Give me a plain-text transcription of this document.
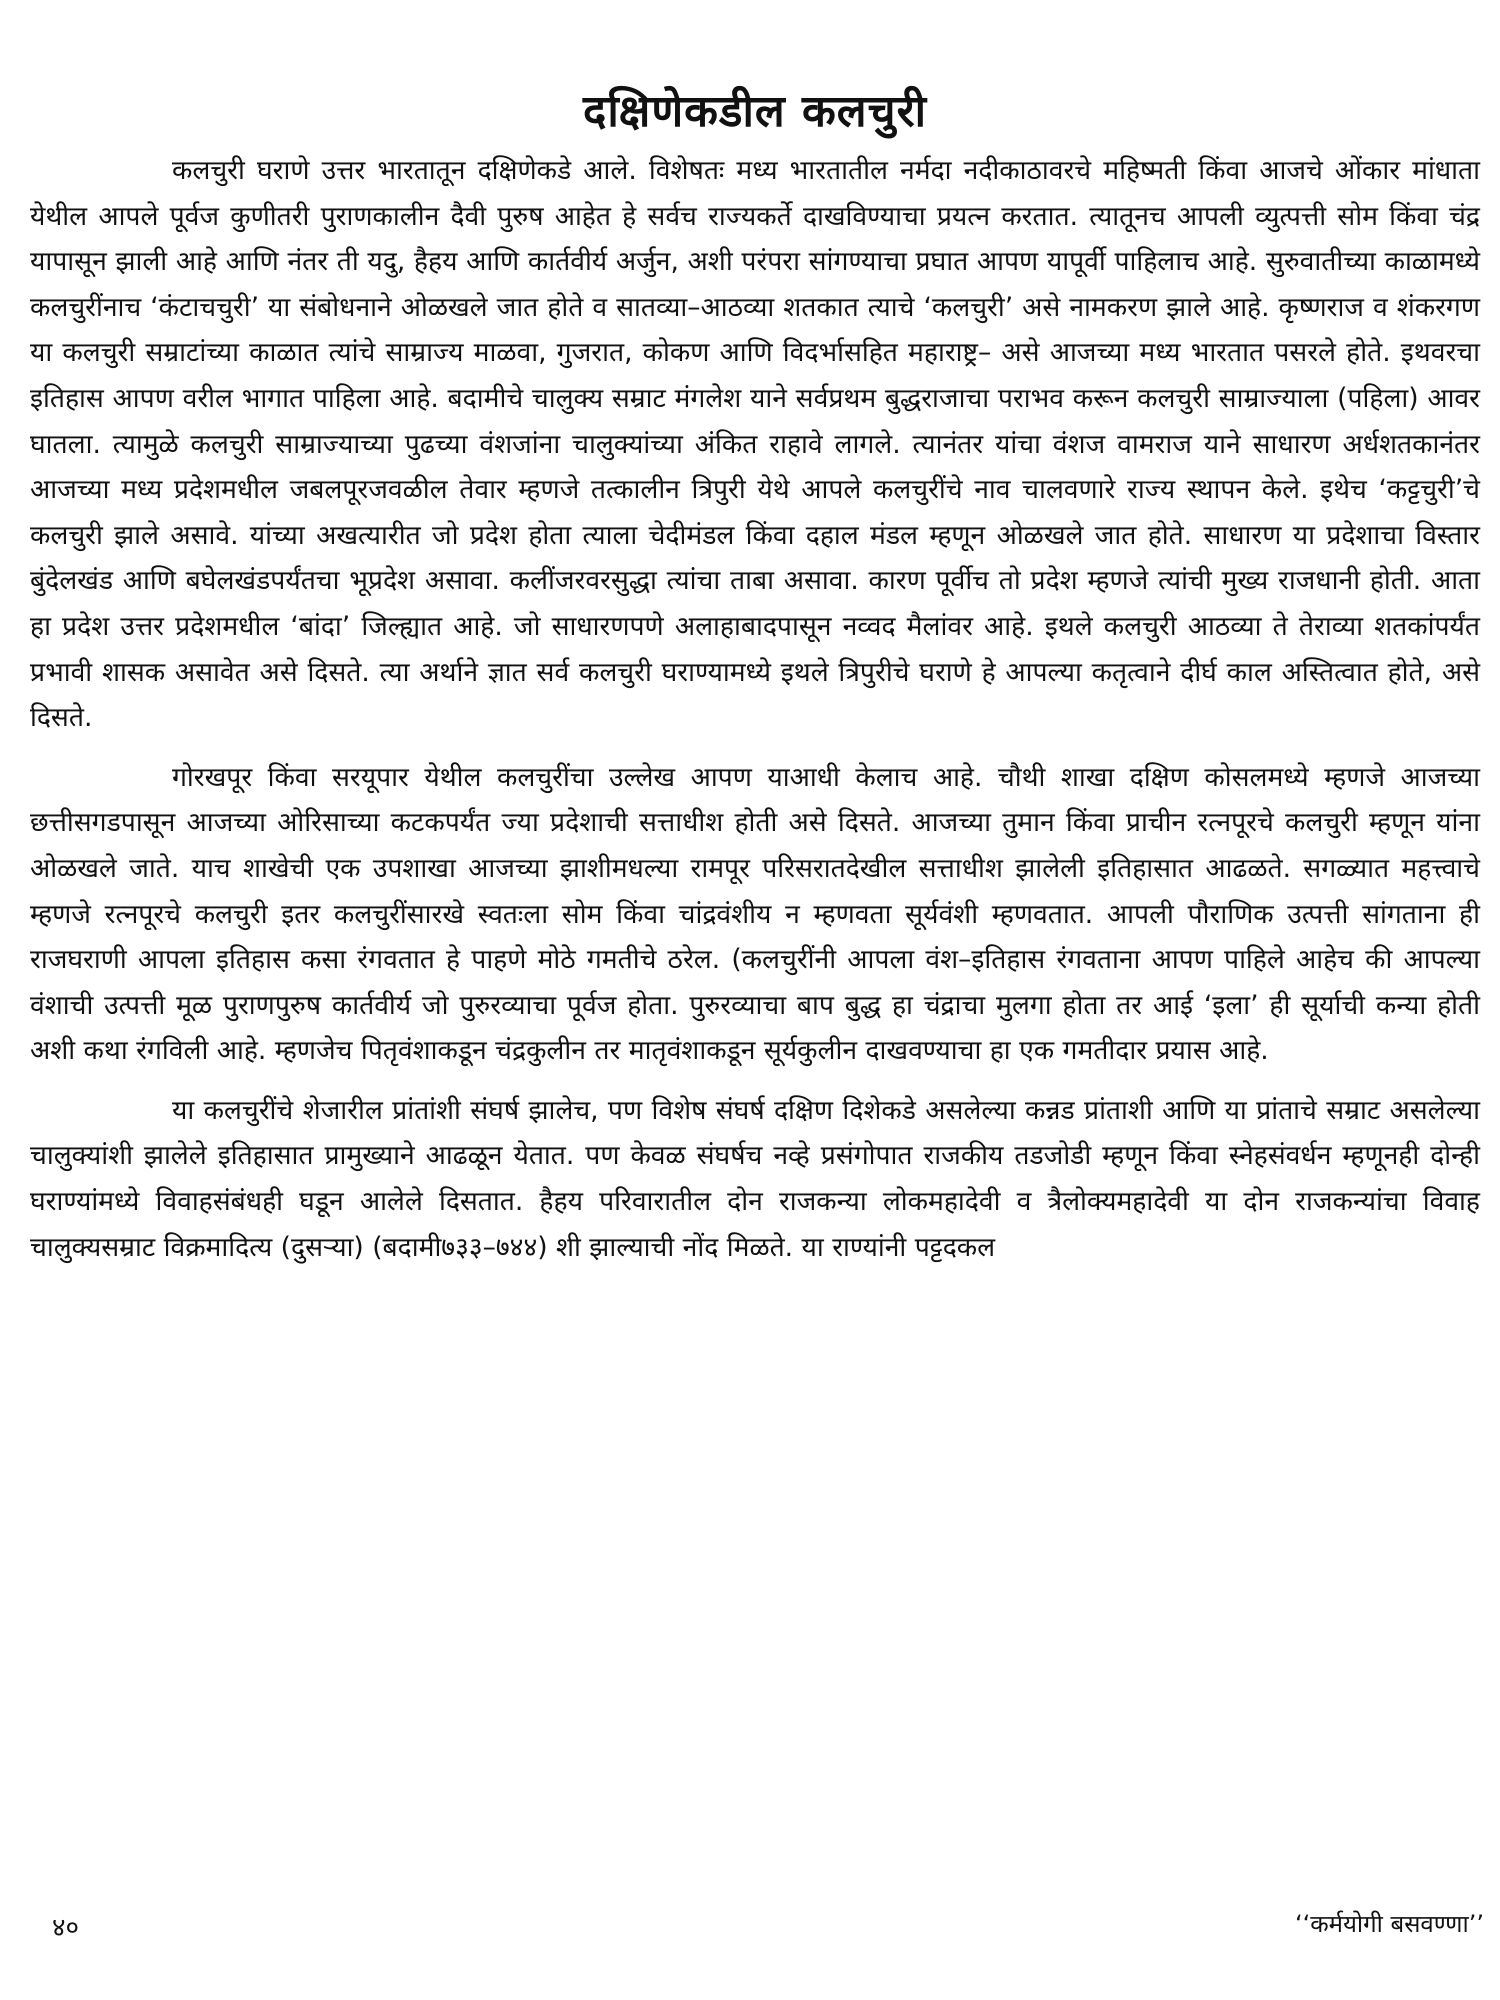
दक्षिणेकडील कलचुरी

कलचुरी घराणे उत्तर भारतातून दक्षिणेकडे आले. विशेषतः मध्य भारतातील नर्मदा नदीकाठावरचे महिष्मती किंवा आजचे ओंकार मांधाता येथील आपले पूर्वज कुणीतरी पुराणकालीन दैवी पुरुष आहेत हे सर्वच राज्यकर्ते दाखविण्याचा प्रयत्न करतात. त्यातूनच आपली व्युत्पत्ती सोम किंवा चंद्र यापासून झाली आहे आणि नंतर ती यदु, हैहय आणि कार्तवीर्य अर्जुन, अशी परंपरा सांगण्याचा प्रघात आपण यापूर्वी पाहिलाच आहे. सुरुवातीच्या काळामध्ये कलचुरींनाच ‘कंटाचचुरी’ या संबोधनाने ओळखले जात होते व सातव्या–आठव्या शतकात त्याचे ‘कलचुरी’ असे नामकरण झाले आहे. कृष्णराज व शंकरगण या कलचुरी सम्राटांच्या काळात त्यांचे साम्राज्य माळवा, गुजरात, कोकण आणि विदर्भासहित महाराष्ट्र– असे आजच्या मध्य भारतात पसरले होते. इथवरचा इतिहास आपण वरील भागात पाहिला आहे. बदामीचे चालुक्य सम्राट मंगलेश याने सर्वप्रथम बुद्धराजाचा पराभव करून कलचुरी साम्राज्याला (पहिला) आवर घातला. त्यामुळे कलचुरी साम्राज्याच्या पुढच्या वंशजांना चालुक्यांच्या अंकित राहावे लागले. त्यानंतर यांचा वंशज वामराज याने साधारण अर्धशतकानंतर आजच्या मध्य प्रदेशमधील जबलपूरजवळील तेवार म्हणजे तत्कालीन त्रिपुरी येथे आपले कलचुरींचे नाव चालवणारे राज्य स्थापन केले. इथेच ‘कट्टचुरी’चे कलचुरी झाले असावे. यांच्या अखत्यारीत जो प्रदेश होता त्याला चेदीमंडल किंवा दहाल मंडल म्हणून ओळखले जात होते. साधारण या प्रदेशाचा विस्तार बुंदेलखंड आणि बघेलखंडपर्यंतचा भूप्रदेश असावा. कलींजरवरसुद्धा त्यांचा ताबा असावा. कारण पूर्वीच तो प्रदेश म्हणजे त्यांची मुख्य राजधानी होती. आता हा प्रदेश उत्तर प्रदेशमधील ‘बांदा’ जिल्ह्यात आहे. जो साधारणपणे अलाहाबादपासून नव्वद मैलांवर आहे. इथले कलचुरी आठव्या ते तेराव्या शतकांपर्यंत प्रभावी शासक असावेत असे दिसते. त्या अर्थाने ज्ञात सर्व कलचुरी घराण्यामध्ये इथले त्रिपुरीचे घराणे हे आपल्या कतृत्वाने दीर्घ काल अस्तित्वात होते, असे दिसते.

गोरखपूर किंवा सरयूपार येथील कलचुरींचा उल्लेख आपण याआधी केलाच आहे. चौथी शाखा दक्षिण कोसलमध्ये म्हणजे आजच्या छत्तीसगडपासून आजच्या ओरिसाच्या कटकपर्यंत ज्या प्रदेशाची सत्ताधीश होती असे दिसते. आजच्या तुमान किंवा प्राचीन रत्नपूरचे कलचुरी म्हणून यांना ओळखले जाते. याच शाखेची एक उपशाखा आजच्या झाशीमधल्या रामपूर परिसरातदेखील सत्ताधीश झालेली इतिहासात आढळते. सगळ्यात महत्त्वाचे म्हणजे रत्नपूरचे कलचुरी इतर कलचुरींसारखे स्वतःला सोम किंवा चांद्रवंशीय न म्हणवता सूर्यवंशी म्हणवतात. आपली पौराणिक उत्पत्ती सांगताना ही राजघराणी आपला इतिहास कसा रंगवतात हे पाहणे मोठे गमतीचे ठरेल. (कलचुरींनी आपला वंश–इतिहास रंगवताना आपण पाहिले आहेच की आपल्या वंशाची उत्पत्ती मूळ पुराणपुरुष कार्तवीर्य जो पुरुरव्याचा पूर्वज होता. पुरुरव्याचा बाप बुद्ध हा चंद्राचा मुलगा होता तर आई ‘इला’ ही सूर्याची कन्या होती अशी कथा रंगविली आहे. म्हणजेच पितृवंशाकडून चंद्रकुलीन तर मातृवंशाकडून सूर्यकुलीन दाखवण्याचा हा एक गमतीदार प्रयास आहे.

या कलचुरींचे शेजारील प्रांतांशी संघर्ष झालेच, पण विशेष संघर्ष दक्षिण दिशेकडे असलेल्या कन्नड प्रांताशी आणि या प्रांताचे सम्राट असलेल्या चालुक्यांशी झालेले इतिहासात प्रामुख्याने आढळून येतात. पण केवळ संघर्षच नव्हे प्रसंगोपात राजकीय तडजोडी म्हणून किंवा स्नेहसंवर्धन म्हणूनही दोन्ही घराण्यांमध्ये विवाहसंबंधही घडून आलेले दिसतात. हैहय परिवारातील दोन राजकन्या लोकमहादेवी व त्रैलोक्यमहादेवी या दोन राजकन्यांचा विवाह चालुक्यसम्राट विक्रमादित्य (दुसऱ्या) (बदामी७३३–७४४) शी झाल्याची नोंद मिळते. या राण्यांनी पट्टदकल

४०	‘‘कर्मयोगी बसवण्णा’’
